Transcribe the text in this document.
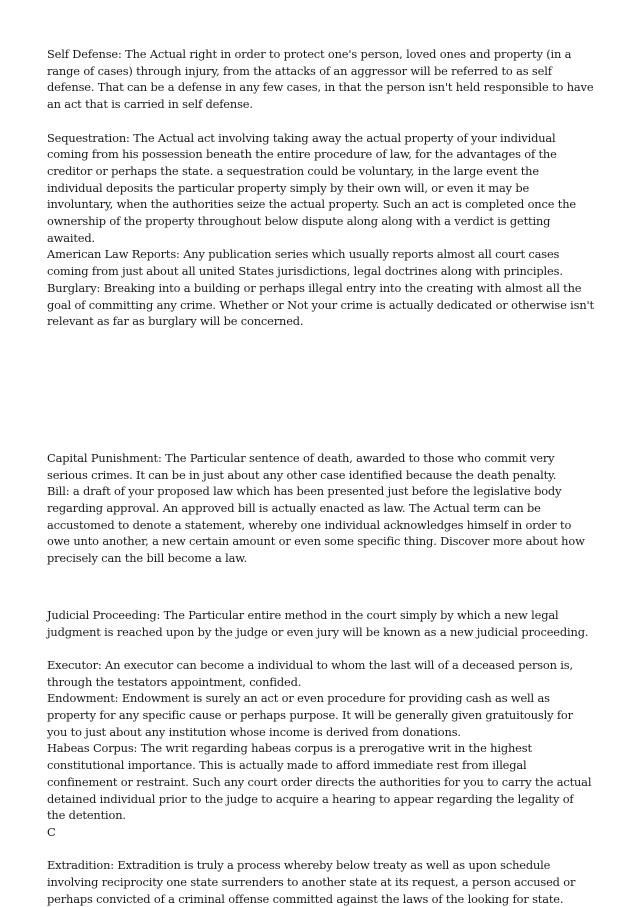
Self Defense: The Actual right in order to protect one's person, loved ones and property (in a range of cases) through injury, from the attacks of an aggressor will be referred to as self defense. That can be a defense in any few cases, in that the person isn't held responsible to have an act that is carried in self defense.

Sequestration: The Actual act involving taking away the actual property of your individual coming from his possession beneath the entire procedure of law, for the advantages of the creditor or perhaps the state. a sequestration could be voluntary, in the large event the individual deposits the particular property simply by their own will, or even it may be involuntary, when the authorities seize the actual property. Such an act is completed once the ownership of the property throughout below dispute along along with a verdict is getting awaited.

American Law Reports: Any publication series which usually reports almost all court cases coming from just about all united States jurisdictions, legal doctrines along with principles.

Burglary: Breaking into a building or perhaps illegal entry into the creating with almost all the goal of committing any crime. Whether or Not your crime is actually dedicated or otherwise isn't relevant as far as burglary will be concerned.

Capital Punishment: The Particular sentence of death, awarded to those who commit very serious crimes. It can be in just about any other case identified because the death penalty.

Bill: a draft of your proposed law which has been presented just before the legislative body regarding approval. An approved bill is actually enacted as law. The Actual term can be accustomed to denote a statement, whereby one individual acknowledges himself in order to owe unto another, a new certain amount or even some specific thing. Discover more about how precisely can the bill become a law.

Judicial Proceeding: The Particular entire method in the court simply by which a new legal judgment is reached upon by the judge or even jury will be known as a new judicial proceeding.

Executor: An executor can become a individual to whom the last will of a deceased person is, through the testators appointment, confided.

Endowment: Endowment is surely an act or even procedure for providing cash as well as property for any specific cause or perhaps purpose. It will be generally given gratuitously for you to just about any institution whose income is derived from donations.

Habeas Corpus: The writ regarding habeas corpus is a prerogative writ in the highest constitutional importance. This is actually made to afford immediate rest from illegal confinement or restraint. Such any court order directs the authorities for you to carry the actual detained individual prior to the judge to acquire a hearing to appear regarding the legality of the detention.

C

Extradition: Extradition is truly a process whereby below treaty as well as upon schedule involving reciprocity one state surrenders to another state at its request, a person accused or perhaps convicted of a criminal offense committed against the laws of the looking for state.
